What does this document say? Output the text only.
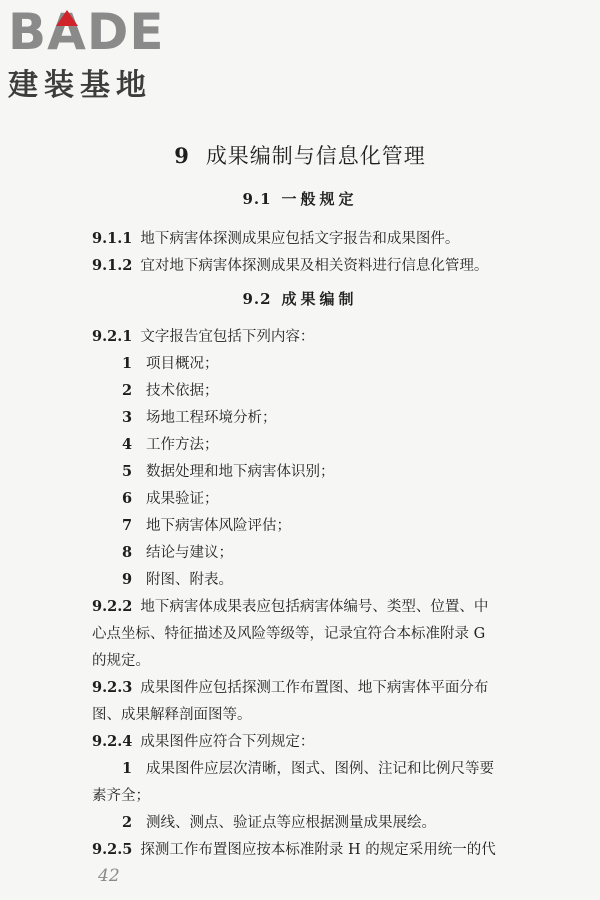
BA
DE
建装基地
9 成果编制与信息化管理
9.1 一般规定
9.1.1 地下病害体探测成果应包括文字报告和成果图件。
9.1.2 宜对地下病害体探测成果及相关资料进行信息化管理。
9.2 成果编制
9.2.1 文字报告宜包括下列内容：
1 项目概况；
2 技术依据；
3 场地工程环境分析；
4 工作方法；
5 数据处理和地下病害体识别；
6 成果验证；
7 地下病害体风险评估；
8 结论与建议；
9 附图、附表。
9.2.2 地下病害体成果表应包括病害体编号、类型、位置、中
心点坐标、特征描述及风险等级等，记录宜符合本标准附录 G
的规定。
9.2.3 成果图件应包括探测工作布置图、地下病害体平面分布
图、成果解释剖面图等。
9.2.4 成果图件应符合下列规定：
1 成果图件应层次清晰，图式、图例、注记和比例尺等要
素齐全；
2 测线、测点、验证点等应根据测量成果展绘。
9.2.5 探测工作布置图应按本标准附录 H 的规定采用统一的代
42
